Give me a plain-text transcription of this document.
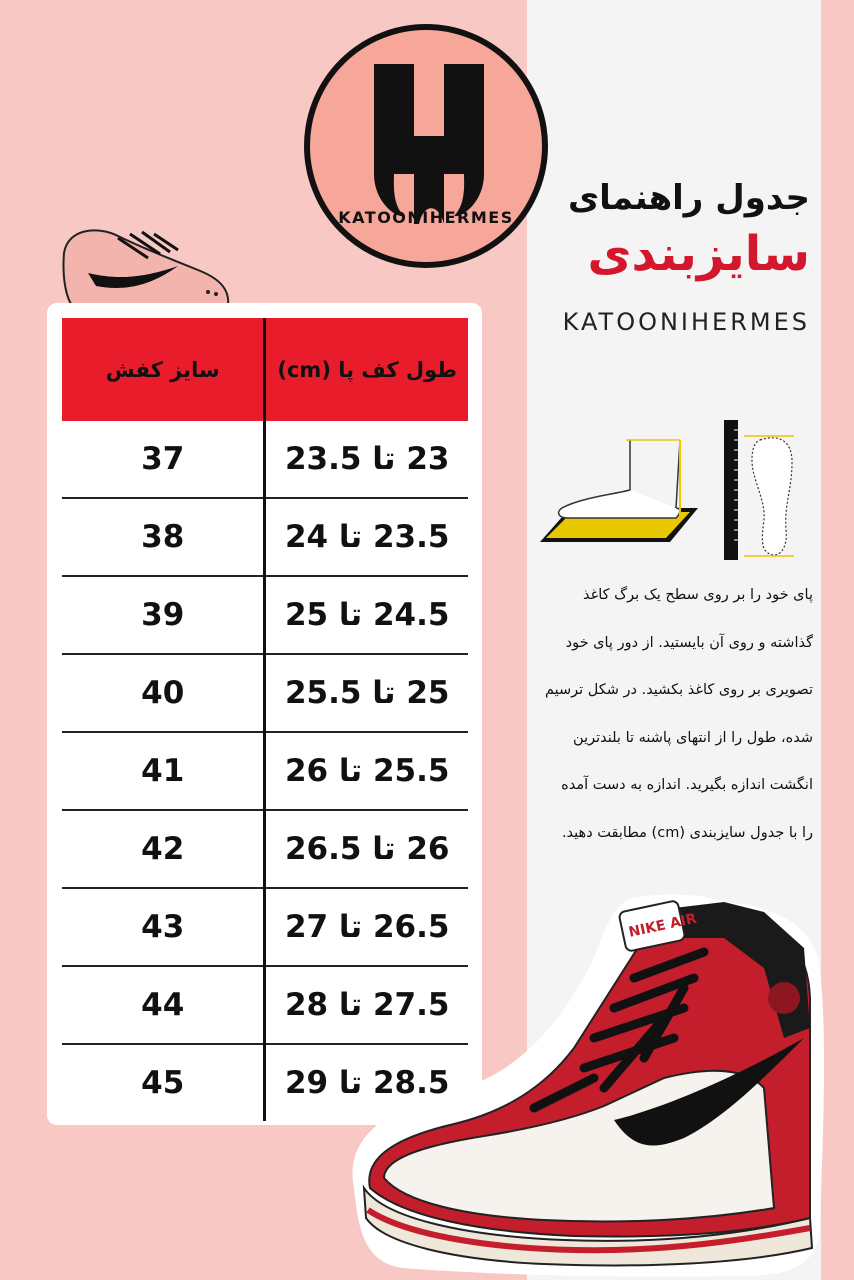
KATOONIHERMES	جدول راهنمای
سایزبندی
KATOONIHERMES
طول کف پا (cm)	سایز کفش
23 تا 23.5	37
23.5 تا 24	38
24.5 تا 25	39
25 تا 25.5	40
25.5 تا 26	41
26 تا 26.5	42
26.5 تا 27	43
27.5 تا 28	44
28.5 تا 29	45
پای خود را بر روی سطح یک برگ کاغذ
گذاشته و روی آن بایستید. از دور پای خود
تصویری بر روی کاغذ بکشید. در شکل ترسیم
شده، طول را از انتهای پاشنه تا بلندترین
انگشت اندازه بگیرید. اندازه به دست آمده
را با جدول سایزبندی (cm) مطابقت دهید.
NIKE AIR
